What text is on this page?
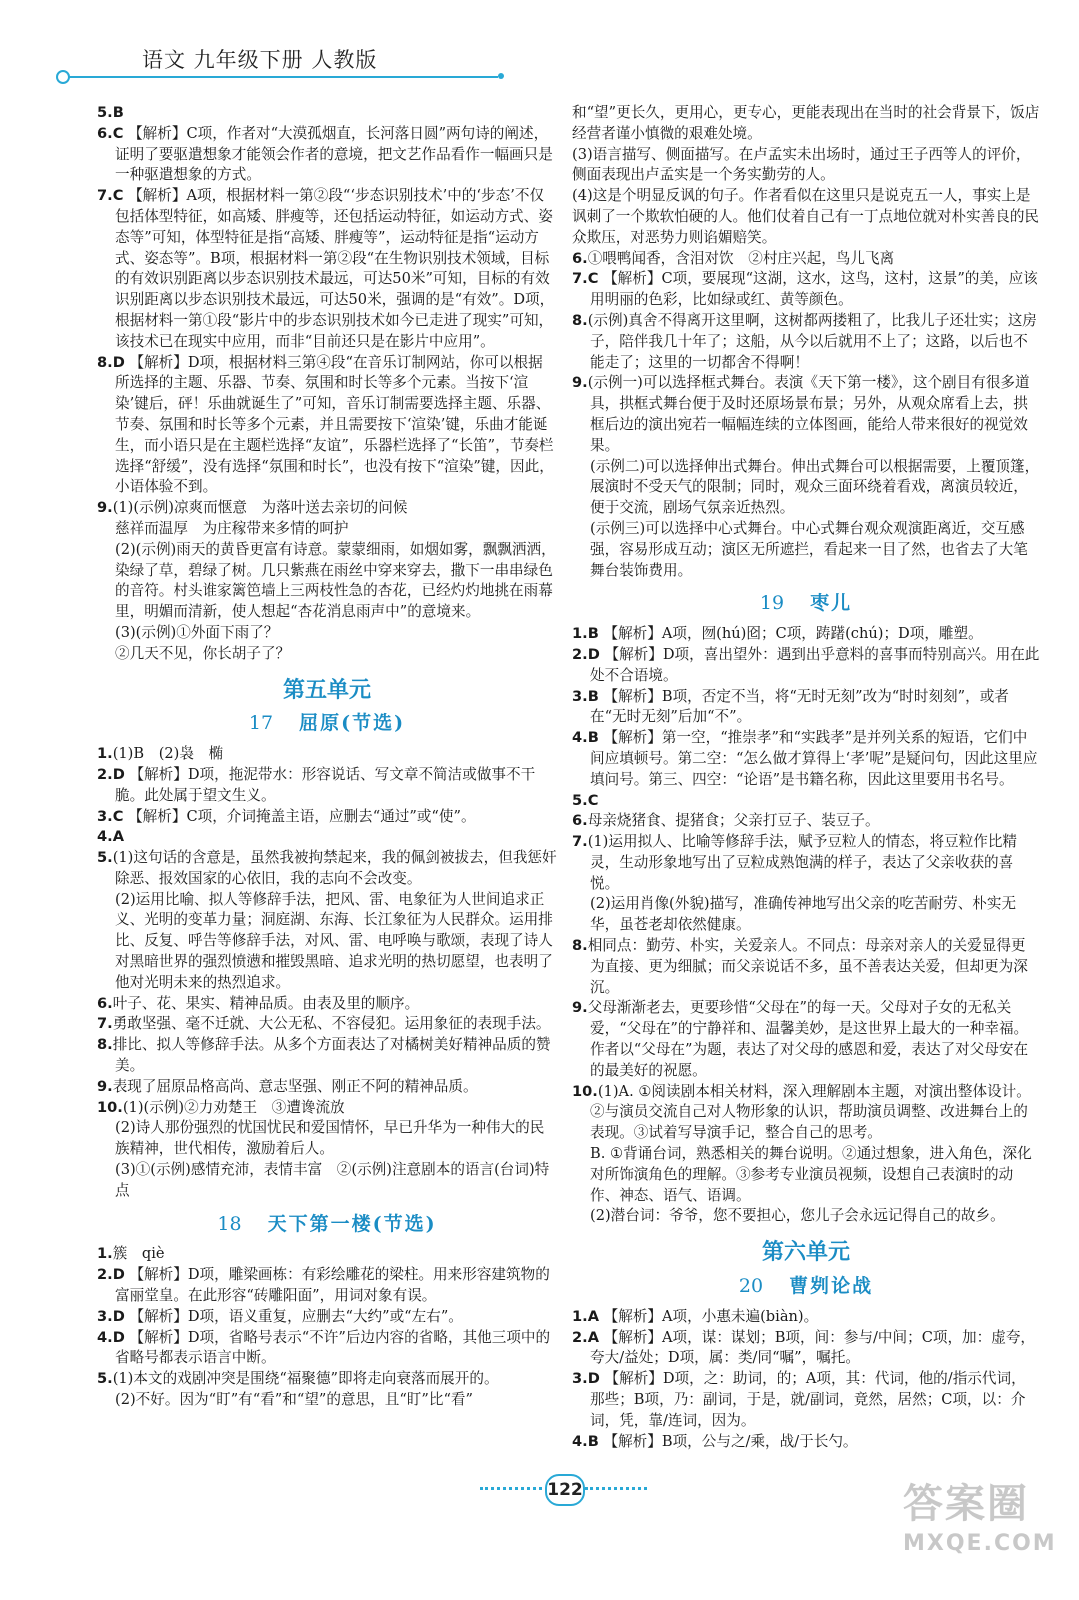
语文 九年级下册 人教版

5.B

6.C 【解析】C项，作者对“大漠孤烟直，长河落日圆”两句诗的阐述，证明了要驱遣想象才能领会作者的意境，把文艺作品看作一幅画只是一种驱遣想象的方式。

7.C 【解析】A项，根据材料一第②段“‘步态识别技术’中的‘步态’不仅包括体型特征，如高矮、胖瘦等，还包括运动特征，如运动方式、姿态等”可知，体型特征是指“高矮、胖瘦等”，运动特征是指“运动方式、姿态等”。B项，根据材料一第②段“在生物识别技术领域，目标的有效识别距离以步态识别技术最远，可达50米”可知，目标的有效识别距离以步态识别技术最远，可达50米，强调的是“有效”。D项，根据材料一第①段“影片中的步态识别技术如今已走进了现实”可知，该技术已在现实中应用，而非“目前还只是在影片中应用”。

8.D 【解析】D项，根据材料三第④段“在音乐订制网站，你可以根据所选择的主题、乐器、节奏、氛围和时长等多个元素。当按下‘渲染’键后，砰！乐曲就诞生了”可知，音乐订制需要选择主题、乐器、节奏、氛围和时长等多个元素，并且需要按下‘渲染’键，乐曲才能诞生，而小语只是在主题栏选择“友谊”，乐器栏选择了“长笛”，节奏栏选择“舒缓”，没有选择“氛围和时长”，也没有按下“渲染”键，因此，小语体验不到。

9.(1)(示例)凉爽而惬意　为落叶送去亲切的问候

慈祥而温厚　为庄稼带来多情的呵护

(2)(示例)雨天的黄昏更富有诗意。蒙蒙细雨，如烟如雾，飘飘洒洒，染绿了草，碧绿了树。几只紫燕在雨丝中穿来穿去，撒下一串串绿色的音符。村头谁家篱笆墙上三两枝性急的杏花，已经灼灼地挑在雨幕里，明媚而清新，使人想起“杏花消息雨声中”的意境来。

(3)(示例)①外面下雨了？

②几天不见，你长胡子了？

第五单元
17 屈原(节选)

1.(1)B　(2)袅　椭

2.D 【解析】D项，拖泥带水：形容说话、写文章不简洁或做事不干脆。此处属于望文生义。

3.C 【解析】C项，介词掩盖主语，应删去“通过”或“使”。

4.A

5.(1)这句话的含意是，虽然我被拘禁起来，我的佩剑被拔去，但我惩奸除恶、报效国家的心依旧，我的志向不会改变。

(2)运用比喻、拟人等修辞手法，把风、雷、电象征为人世间追求正义、光明的变革力量；洞庭湖、东海、长江象征为人民群众。运用排比、反复、呼告等修辞手法，对风、雷、电呼唤与歌颂，表现了诗人对黑暗世界的强烈愤懑和摧毁黑暗、追求光明的热切愿望，也表明了他对光明未来的热烈追求。

6.叶子、花、果实、精神品质。由表及里的顺序。

7.勇敢坚强、毫不迁就、大公无私、不容侵犯。运用象征的表现手法。

8.排比、拟人等修辞手法。从多个方面表达了对橘树美好精神品质的赞美。

9.表现了屈原品格高尚、意志坚强、刚正不阿的精神品质。

10.(1)(示例)②力劝楚王　③遭谗流放

(2)诗人那份强烈的忧国忧民和爱国情怀，早已升华为一种伟大的民族精神，世代相传，激励着后人。

(3)①(示例)感情充沛，表情丰富　②(示例)注意剧本的语言(台词)特点

18 天下第一楼(节选)

1.簇　qiè

2.D 【解析】D项，雕梁画栋：有彩绘雕花的梁柱。用来形容建筑物的富丽堂皇。在此形容“砖雕阳面”，用词对象有误。

3.D 【解析】D项，语义重复，应删去“大约”或“左右”。

4.D 【解析】D项，省略号表示“不许”后边内容的省略，其他三项中的省略号都表示语言中断。

5.(1)本文的戏剧冲突是围绕“福聚德”即将走向衰落而展开的。

(2)不好。因为“盯”有“看”和“望”的意思，且“盯”比“看”

和“望”更长久，更用心，更专心，更能表现出在当时的社会背景下，饭店经营者谨小慎微的艰难处境。

(3)语言描写、侧面描写。在卢孟实未出场时，通过王子西等人的评价，侧面表现出卢孟实是一个务实勤劳的人。

(4)这是个明显反讽的句子。作者看似在这里只是说克五一人，事实上是讽刺了一个欺软怕硬的人。他们仗着自己有一丁点地位就对朴实善良的民众欺压，对恶势力则谄媚赔笑。

6.①喂鸭闻香，含泪对饮　②村庄兴起，鸟儿飞离

7.C 【解析】C项，要展现“这湖，这水，这鸟，这村，这景”的美，应该用明丽的色彩，比如绿或红、黄等颜色。

8.(示例)真舍不得离开这里啊，这树都两搂粗了，比我儿子还壮实；这房子，陪伴我几十年了；这船，从今以后就用不上了；这路，以后也不能走了；这里的一切都舍不得啊！

9.(示例一)可以选择框式舞台。表演《天下第一楼》，这个剧目有很多道具，拱框式舞台便于及时还原场景布景；另外，从观众席看上去，拱框后边的演出宛若一幅幅连续的立体图画，能给人带来很好的视觉效果。

(示例二)可以选择伸出式舞台。伸出式舞台可以根据需要，上覆顶篷，展演时不受天气的限制；同时，观众三面环绕着看戏，离演员较近，便于交流，剧场气氛亲近热烈。

(示例三)可以选择中心式舞台。中心式舞台观众观演距离近，交互感强，容易形成互动；演区无所遮拦，看起来一目了然，也省去了大笔舞台装饰费用。

19 枣儿

1.B 【解析】A项，囫(hú)囵；C项，踌躇(chú)；D项，雕塑。

2.D 【解析】D项，喜出望外：遇到出乎意料的喜事而特别高兴。用在此处不合语境。

3.B 【解析】B项，否定不当，将“无时无刻”改为“时时刻刻”，或者在“无时无刻”后加“不”。

4.B 【解析】第一空，“推崇孝”和“实践孝”是并列关系的短语，它们中间应填顿号。第二空：“怎么做才算得上‘孝’呢”是疑问句，因此这里应填问号。第三、四空：“论语”是书籍名称，因此这里要用书名号。

5.C

6.母亲烧猪食、提猪食；父亲打豆子、装豆子。

7.(1)运用拟人、比喻等修辞手法，赋予豆粒人的情态，将豆粒作比精灵，生动形象地写出了豆粒成熟饱满的样子，表达了父亲收获的喜悦。

(2)运用肖像(外貌)描写，准确传神地写出父亲的吃苦耐劳、朴实无华，虽苍老却依然健康。

8.相同点：勤劳、朴实，关爱亲人。不同点：母亲对亲人的关爱显得更为直接、更为细腻；而父亲说话不多，虽不善表达关爱，但却更为深沉。

9.父母渐渐老去，更要珍惜“父母在”的每一天。父母对子女的无私关爱，“父母在”的宁静祥和、温馨美妙，是这世界上最大的一种幸福。作者以“父母在”为题，表达了对父母的感恩和爱，表达了对父母安在的最美好的祝愿。

10.(1)A. ①阅读剧本相关材料，深入理解剧本主题，对演出整体设计。②与演员交流自己对人物形象的认识，帮助演员调整、改进舞台上的表现。③试着写导演手记，整合自己的思考。

B. ①背诵台词，熟悉相关的舞台说明。②通过想象，进入角色，深化对所饰演角色的理解。③参考专业演员视频，设想自己表演时的动作、神态、语气、语调。

(2)潜台词：爷爷，您不要担心，您儿子会永远记得自己的故乡。

第六单元
20 曹刿论战

1.A 【解析】A项，小惠未遍(biàn)。

2.A 【解析】A项，谋：谋划；B项，间：参与/中间；C项，加：虚夸，夸大/益处；D项，属：类/同“嘱”，嘱托。

3.D 【解析】D项，之：助词，的；A项，其：代词，他的/指示代词，那些；B项，乃：副词，于是，就/副词，竟然，居然；C项，以：介词，凭，靠/连词，因为。

4.B 【解析】B项，公与之/乘，战/于长勺。

122	答案圈
MXQE.COM
